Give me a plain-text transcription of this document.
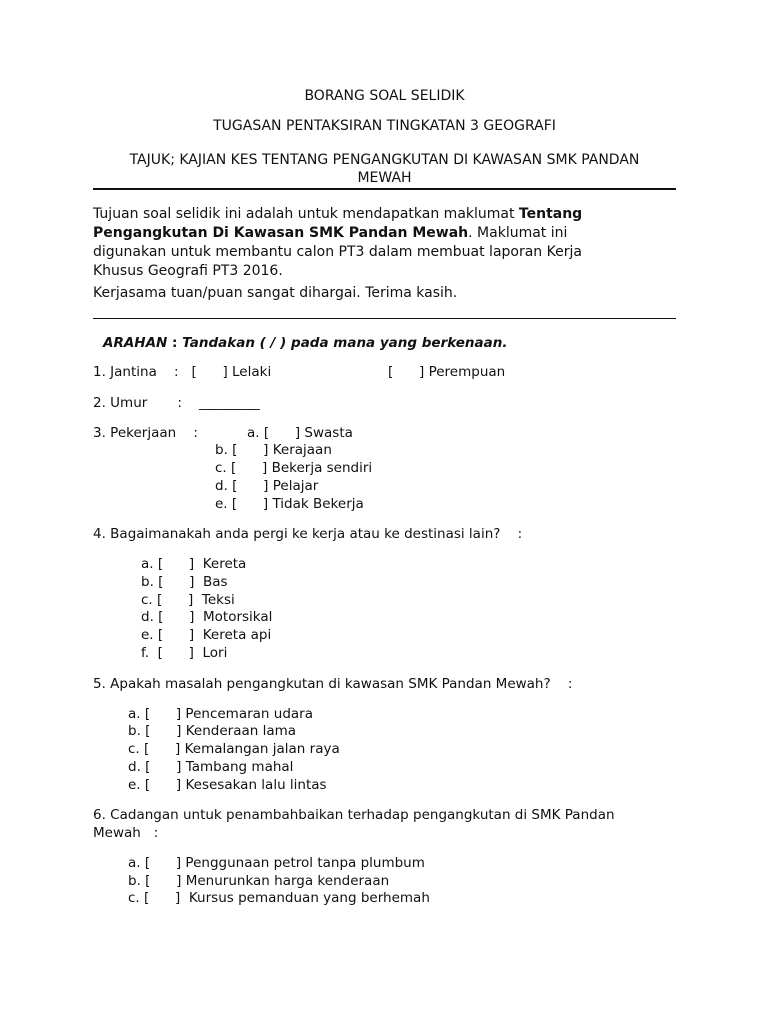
BORANG SOAL SELIDIK
TUGASAN PENTAKSIRAN TINGKATAN 3 GEOGRAFI
TAJUK; KAJIAN KES TENTANG PENGANGKUTAN DI KAWASAN SMK PANDAN
MEWAH
Tujuan soal selidik ini adalah untuk mendapatkan maklumat Tentang
Pengangkutan Di Kawasan SMK Pandan Mewah. Maklumat ini
digunakan untuk membantu calon PT3 dalam membuat laporan Kerja
Khusus Geografi PT3 2016.
Kerjasama tuan/puan sangat dihargai. Terima kasih.
ARAHAN : Tandakan ( / ) pada mana yang berkenaan.
1. Jantina    :   [      ] Lelaki	[      ] Perempuan
2. Umur       :    _________
3. Pekerjaan    :	a. [      ] Swasta
b. [      ] Kerajaan
c. [      ] Bekerja sendiri
d. [      ] Pelajar
e. [      ] Tidak Bekerja
4. Bagaimanakah anda pergi ke kerja atau ke destinasi lain?    :
a. [      ]  Kereta
b. [      ]  Bas
c. [      ]  Teksi
d. [      ]  Motorsikal
e. [      ]  Kereta api
f.  [      ]  Lori
5. Apakah masalah pengangkutan di kawasan SMK Pandan Mewah?    :
a. [      ] Pencemaran udara
b. [      ] Kenderaan lama
c. [      ] Kemalangan jalan raya
d. [      ] Tambang mahal
e. [      ] Kesesakan lalu lintas
6. Cadangan untuk penambahbaikan terhadap pengangkutan di SMK Pandan
Mewah   :
a. [      ] Penggunaan petrol tanpa plumbum
b. [      ] Menurunkan harga kenderaan
c. [      ]  Kursus pemanduan yang berhemah
